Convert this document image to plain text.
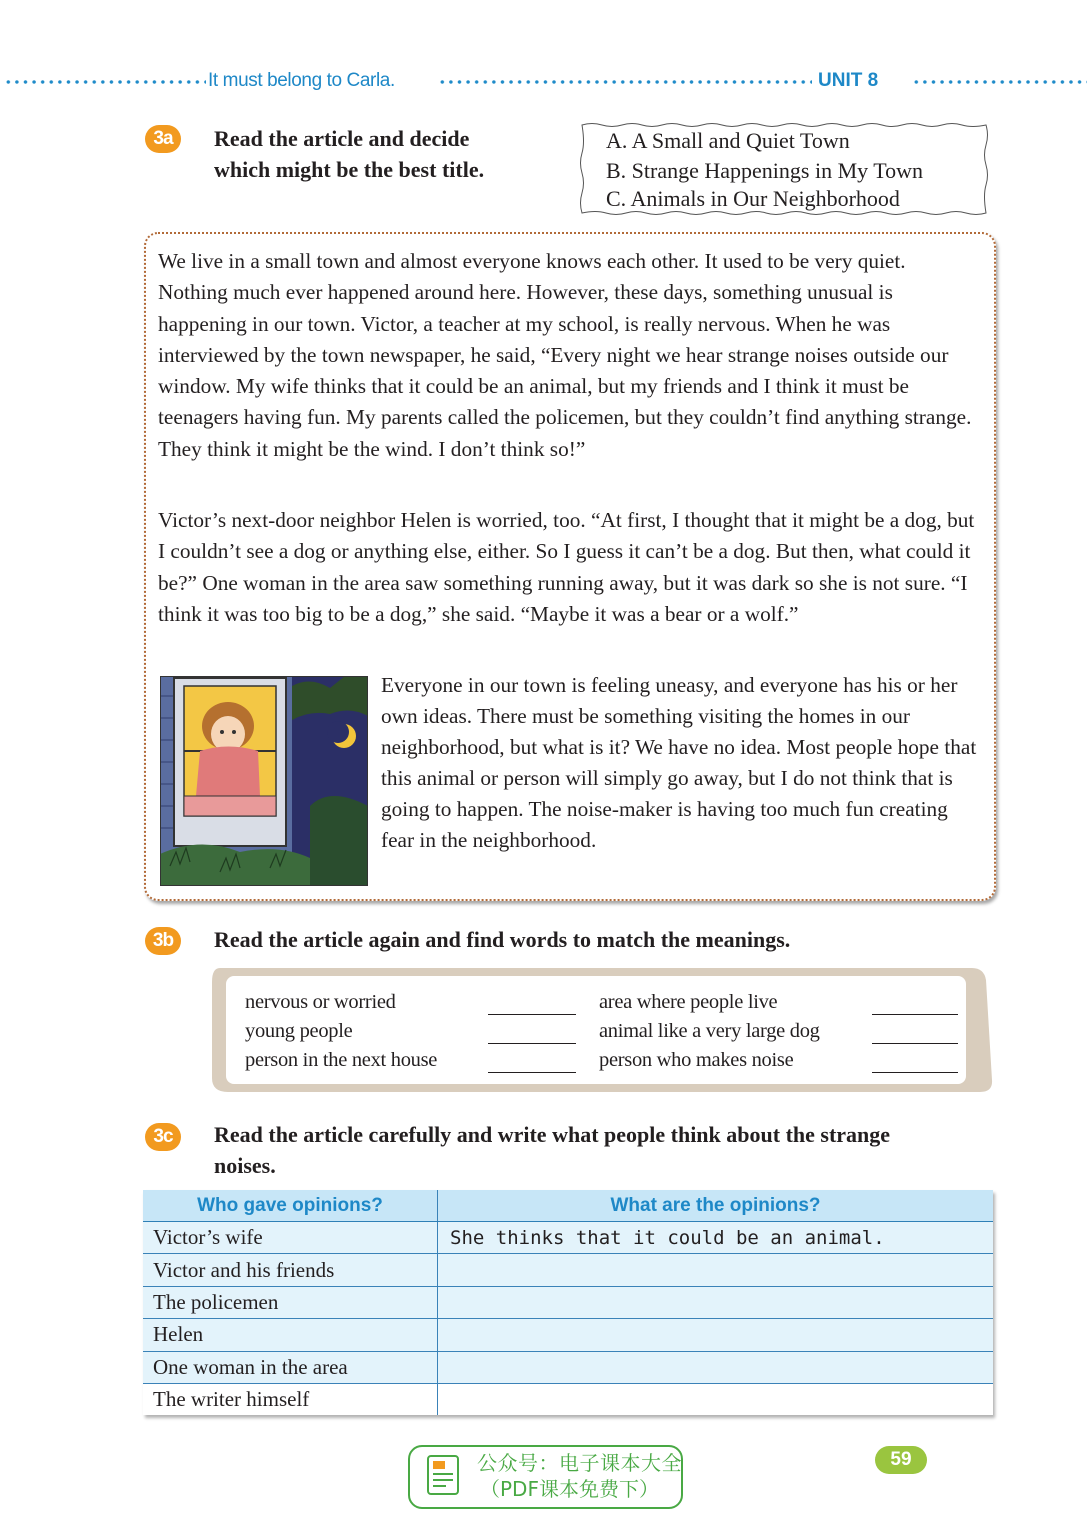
It must belong to Carla.	UNIT 8
3a	Read the article and decide
which might be the best title.
A. A Small and Quiet Town
B. Strange Happenings in My Town
C. Animals in Our Neighborhood

We live in a small town and almost everyone knows each other. It used to be very quiet. Nothing much ever happened around here. However, these days, something unusual is happening in our town. Victor, a teacher at my school, is really nervous. When he was interviewed by the town newspaper, he said, “Every night we hear strange noises outside our window. My wife thinks that it could be an animal, but my friends and I think it must be teenagers having fun. My parents called the policemen, but they couldn’t find anything strange. They think it might be the wind. I don’t think so!”

Victor’s next-door neighbor Helen is worried, too. “At first, I thought that it might be a dog, but I couldn’t see a dog or anything else, either. So I guess it can’t be a dog. But then, what could it be?” One woman in the area saw something running away, but it was dark so she is not sure. “I think it was too big to be a dog,” she said. “Maybe it was a bear or a wolf.”

Everyone in our town is feeling uneasy, and everyone has his or her own ideas. There must be something visiting the homes in our neighborhood, but what is it? We have no idea. Most people hope that this animal or person will simply go away, but I do not think that is going to happen. The noise-maker is having too much fun creating fear in the neighborhood.

3b	Read the article again and find words to match the meanings.
nervous or worried
young people
person in the next house
area where people live
animal like a very large dog
person who makes noise
3c	Read the article carefully and write what people think about the strange
noises.
Who gave opinions?	What are the opinions?
Victor’s wife	She thinks that it could be an animal.
Victor and his friends	
The policemen	
Helen	
One woman in the area	
The writer himself	
公众号：电子课本大全
（PDF课本免费下）
59
